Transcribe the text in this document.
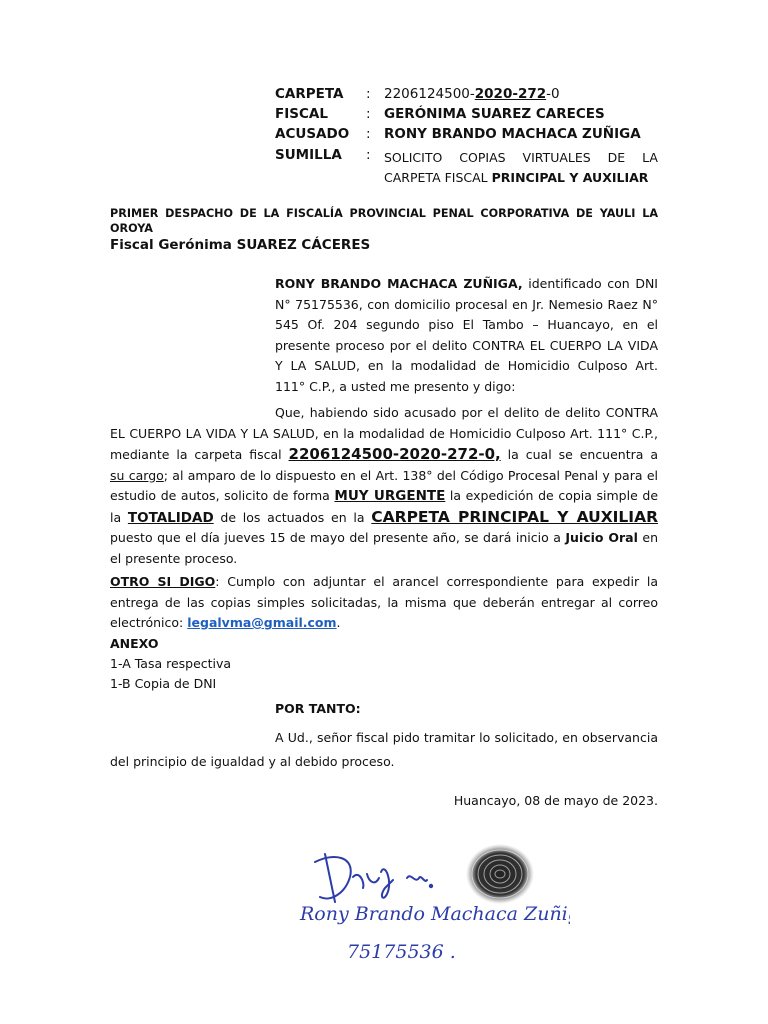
CARPETA : 2206124500-2020-272-0
FISCAL	: GERÓNIMA SUAREZ CARECES
ACUSADO : RONY BRANDO MACHACA ZUÑIGA
SUMILLA : SOLICITO COPIAS VIRTUALES DE LA
CARPETA FISCAL PRINCIPAL Y AUXILIAR
PRIMER DESPACHO DE LA FISCALÍA PROVINCIAL PENAL CORPORATIVA DE YAULI LA
OROYA
Fiscal Gerónima SUAREZ CÁCERES
RONY BRANDO MACHACA ZUÑIGA, identificado con DNI
N° 75175536, con domicilio procesal en Jr. Nemesio Raez N°
545 Of. 204 segundo piso El Tambo – Huancayo, en el
presente proceso por el delito CONTRA EL CUERPO LA VIDA
Y LA SALUD, en la modalidad de Homicidio Culposo Art.
111° C.P., a usted me presento y digo:
Que, habiendo sido acusado por el delito de delito CONTRA
EL CUERPO LA VIDA Y LA SALUD, en la modalidad de Homicidio Culposo Art. 111° C.P.,
mediante la carpeta fiscal 2206124500-2020-272-0, la cual se encuentra a
su cargo; al amparo de lo dispuesto en el Art. 138° del Código Procesal Penal y para el
estudio de autos, solicito de forma MUY URGENTE la expedición de copia simple de
la TOTALIDAD de los actuados en la CARPETA PRINCIPAL Y AUXILIAR
puesto que el día jueves 15 de mayo del presente año, se dará inicio a Juicio Oral en
el presente proceso.
OTRO SI DIGO: Cumplo con adjuntar el arancel correspondiente para expedir la
entrega de las copias simples solicitadas, la misma que deberán entregar al correo
electrónico: legalvma@gmail.com.
ANEXO
1-A Tasa respectiva
1-B Copia de DNI
POR TANTO:
A Ud., señor fiscal pido tramitar lo solicitado, en observancia
del principio de igualdad y al debido proceso.
Huancayo, 08 de mayo de 2023.
Rony Brando Machaca Zuñiga
75175536 .
